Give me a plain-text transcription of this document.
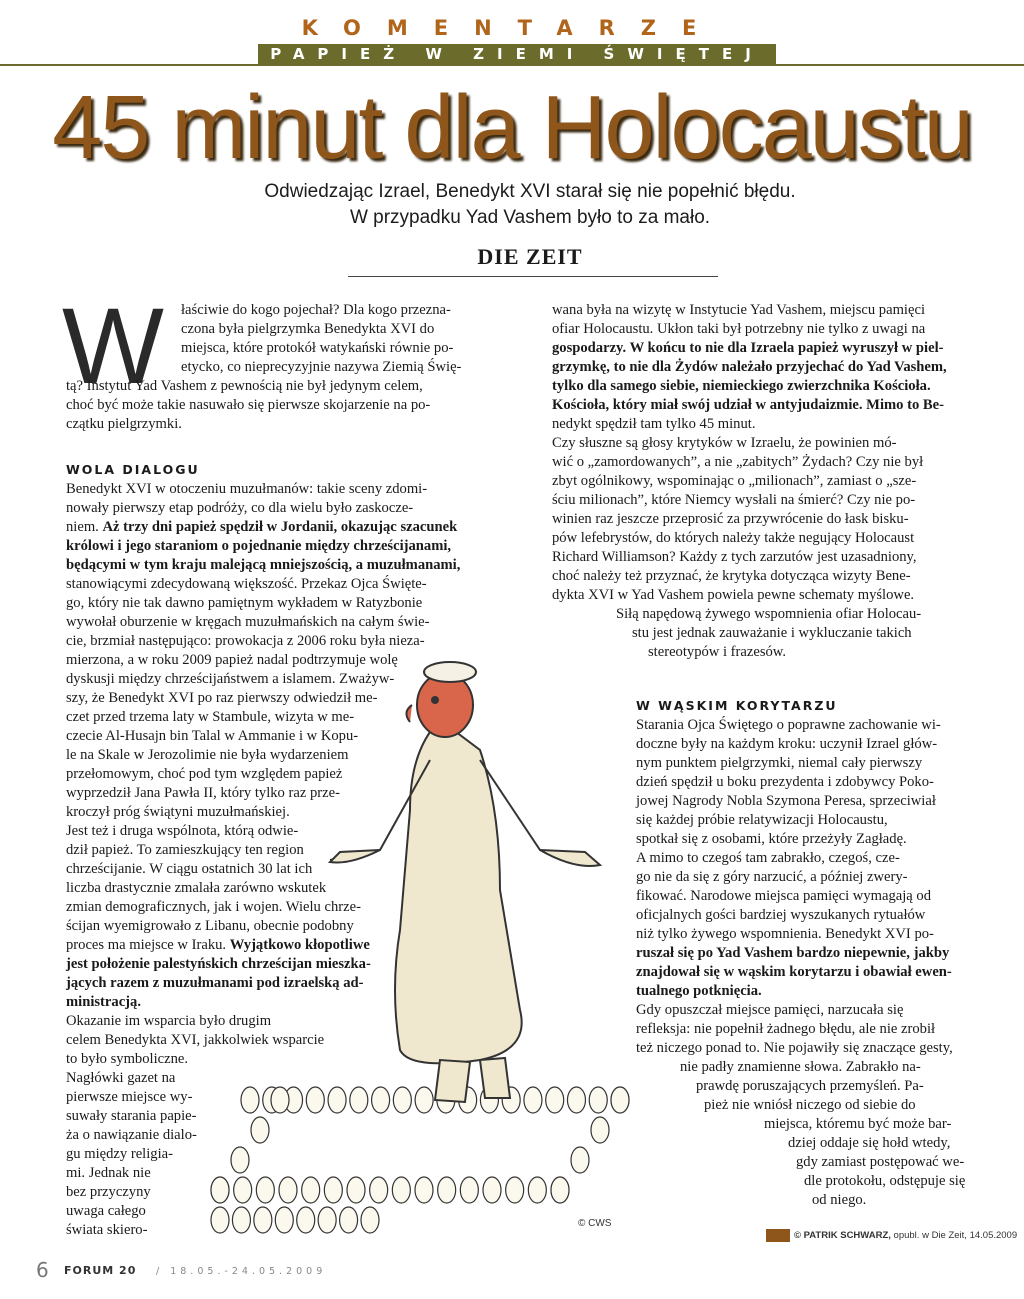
KOMENTARZE
PAPIEŻ W ZIEMI ŚWIĘTEJ
45 minut dla Holocaustu
Odwiedzając Izrael, Benedykt XVI starał się nie popełnić błędu.
W przypadku Yad Vashem było to za mało.
DIE ZEIT
W łaściwie do kogo pojechał? Dla kogo przezna-
czona była pielgrzymka Benedykta XVI do
miejsca, które protokół watykański równie po-
etycko, co nieprecyzyjnie nazywa Ziemią Świę-
tą? Instytut Yad Vashem z pewnością nie był jedynym celem,
choć być może takie nasuwało się pierwsze skojarzenie na po-
czątku pielgrzymki.
WOLA DIALOGU
Benedykt XVI w otoczeniu muzułmanów: takie sceny zdomi-
nowały pierwszy etap podróży, co dla wielu było zaskocze-
niem. Aż trzy dni papież spędził w Jordanii, okazując szacunek
królowi i jego staraniom o pojednanie między chrześcijanami,
będącymi w tym kraju malejącą mniejszością, a muzułmanami,
stanowiącymi zdecydowaną większość. Przekaz Ojca Święte-
go, który nie tak dawno pamiętnym wykładem w Ratyzbonie
wywołał oburzenie w kręgach muzułmańskich na całym świe-
cie, brzmiał następująco: prowokacja z 2006 roku była nieza-
mierzona, a w roku 2009 papież nadal podtrzymuje wolę
dyskusji między chrześcijaństwem a islamem. Zważyw-
szy, że Benedykt XVI po raz pierwszy odwiedził me-
czet przed trzema laty w Stambule, wizyta w me-
czecie Al-Husajn bin Talal w Ammanie i w Kopu-
le na Skale w Jerozolimie nie była wydarzeniem
przełomowym, choć pod tym względem papież
wyprzedził Jana Pawła II, który tylko raz prze-
kroczył próg świątyni muzułmańskiej.
Jest też i druga wspólnota, którą odwie-
dził papież. To zamieszkujący ten region
chrześcijanie. W ciągu ostatnich 30 lat ich
liczba drastycznie zmalała zarówno wskutek
zmian demograficznych, jak i wojen. Wielu chrze-
ścijan wyemigrowało z Libanu, obecnie podobny
proces ma miejsce w Iraku. Wyjątkowo kłopotliwe
jest położenie palestyńskich chrześcijan mieszka-
jących razem z muzułmanami pod izraelską ad-
ministracją.
Okazanie im wsparcia było drugim
celem Benedykta XVI, jakkolwiek wsparcie
to było symboliczne.
Nagłówki gazet na
pierwsze miejsce wy-
suwały starania papie-
ża o nawiązanie dialo-
gu między religia-
mi. Jednak nie
bez przyczyny
uwaga całego
świata skiero-
wana była na wizytę w Instytucie Yad Vashem, miejscu pamięci
ofiar Holocaustu. Ukłon taki był potrzebny nie tylko z uwagi na
gospodarzy. W końcu to nie dla Izraela papież wyruszył w piel-
grzymkę, to nie dla Żydów należało przyjechać do Yad Vashem,
tylko dla samego siebie, niemieckiego zwierzchnika Kościoła.
Kościoła, który miał swój udział w antyjudaizmie. Mimo to Be-
nedykt spędził tam tylko 45 minut.
Czy słuszne są głosy krytyków w Izraelu, że powinien mó-
wić o „zamordowanych”, a nie „zabitych” Żydach? Czy nie był
zbyt ogólnikowy, wspominając o „milionach”, zamiast o „sze-
ściu milionach”, które Niemcy wysłali na śmierć? Czy nie po-
winien raz jeszcze przeprosić za przywrócenie do łask bisku-
pów lefebrystów, do których należy także negujący Holocaust
Richard Williamson? Każdy z tych zarzutów jest uzasadniony,
choć należy też przyznać, że krytyka dotycząca wizyty Bene-
dykta XVI w Yad Vashem powiela pewne schematy myślowe.
Siłą napędową żywego wspomnienia ofiar Holocau-
stu jest jednak zauważanie i wykluczanie takich
stereotypów i frazesów.
W WĄSKIM KORYTARZU
Starania Ojca Świętego o poprawne zachowanie wi-
doczne były na każdym kroku: uczynił Izrael głów-
nym punktem pielgrzymki, niemal cały pierwszy
dzień spędził u boku prezydenta i zdobywcy Poko-
jowej Nagrody Nobla Szymona Peresa, sprzeciwiał
się każdej próbie relatywizacji Holocaustu,
spotkał się z osobami, które przeżyły Zagładę.
A mimo to czegoś tam zabrakło, czegoś, cze-
go nie da się z góry narzucić, a później zwery-
fikować. Narodowe miejsca pamięci wymagają od
oficjalnych gości bardziej wyszukanych rytuałów
niż tylko żywego wspomnienia. Benedykt XVI po-
ruszał się po Yad Vashem bardzo niepewnie, jakby
znajdował się w wąskim korytarzu i obawiał ewen-
tualnego potknięcia.
Gdy opuszczał miejsce pamięci, narzucała się
refleksja: nie popełnił żadnego błędu, ale nie zrobił
też niczego ponad to. Nie pojawiły się znaczące gesty,
nie padły znamienne słowa. Zabrakło na-
prawdę poruszających przemyśleń. Pa-
pież nie wniósł niczego od siebie do
miejsca, któremu być może bar-
dziej oddaje się hołd wtedy,
gdy zamiast postępować we-
dle protokołu, odstępuje się
od niego.
© CWS
© PATRIK SCHWARZ, opubl. w Die Zeit, 14.05.2009
6 FORUM 20 / 18.05.-24.05.2009
